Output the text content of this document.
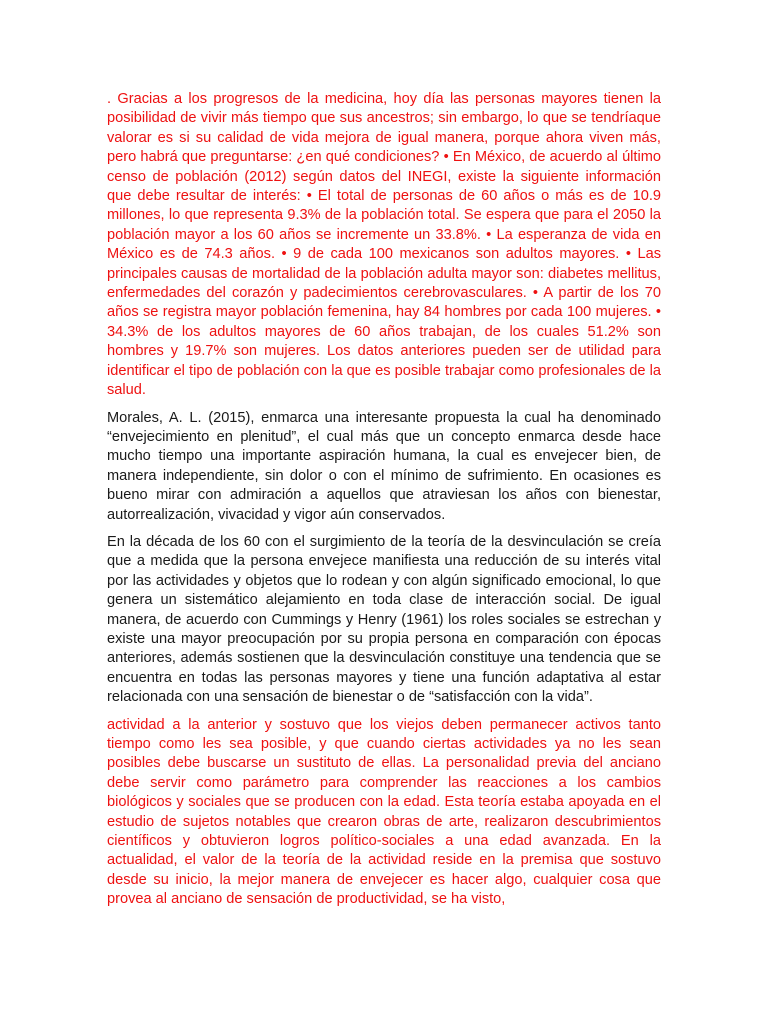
. Gracias a los progresos de la medicina, hoy día las personas mayores tienen la posibilidad de vivir más tiempo que sus ancestros; sin embargo, lo que se tendríaque valorar es si su calidad de vida mejora de igual manera, porque ahora viven más, pero habrá que preguntarse: ¿en qué condiciones? • En México, de acuerdo al último censo de población (2012) según datos del INEGI, existe la siguiente información que debe resultar de interés: • El total de personas de 60 años o más es de 10.9 millones, lo que representa 9.3% de la población total. Se espera que para el 2050 la población mayor a los 60 años se incremente un 33.8%. • La esperanza de vida en México es de 74.3 años. • 9 de cada 100 mexicanos son adultos mayores. • Las principales causas de mortalidad de la población adulta mayor son: diabetes mellitus, enfermedades del corazón y padecimientos cerebrovasculares. • A partir de los 70 años se registra mayor población femenina, hay 84 hombres por cada 100 mujeres. • 34.3% de los adultos mayores de 60 años trabajan, de los cuales 51.2% son hombres y 19.7% son mujeres. Los datos anteriores pueden ser de utilidad para identificar el tipo de población con la que es posible trabajar como profesionales de la salud.

Morales, A. L. (2015), enmarca una interesante propuesta la cual ha denominado “envejecimiento en plenitud”, el cual más que un concepto enmarca desde hace mucho tiempo una importante aspiración humana, la cual es envejecer bien, de manera independiente, sin dolor o con el mínimo de sufrimiento. En ocasiones es bueno mirar con admiración a aquellos que atraviesan los años con bienestar, autorrealización, vivacidad y vigor aún conservados.

En la década de los 60 con el surgimiento de la teoría de la desvinculación se creía que a medida que la persona envejece manifiesta una reducción de su interés vital por las actividades y objetos que lo rodean y con algún significado emocional, lo que genera un sistemático alejamiento en toda clase de interacción social. De igual manera, de acuerdo con Cummings y Henry (1961) los roles sociales se estrechan y existe una mayor preocupación por su propia persona en comparación con épocas anteriores, además sostienen que la desvinculación constituye una tendencia que se encuentra en todas las personas mayores y tiene una función adaptativa al estar relacionada con una sensación de bienestar o de “satisfacción con la vida”.

actividad a la anterior y sostuvo que los viejos deben permanecer activos tanto tiempo como les sea posible, y que cuando ciertas actividades ya no les sean posibles debe buscarse un sustituto de ellas. La personalidad previa del anciano debe servir como parámetro para comprender las reacciones a los cambios biológicos y sociales que se producen con la edad. Esta teoría estaba apoyada en el estudio de sujetos notables que crearon obras de arte, realizaron descubrimientos científicos y obtuvieron logros político-sociales a una edad avanzada. En la actualidad, el valor de la teoría de la actividad reside en la premisa que sostuvo desde su inicio, la mejor manera de envejecer es hacer algo, cualquier cosa que provea al anciano de sensación de productividad, se ha visto,
